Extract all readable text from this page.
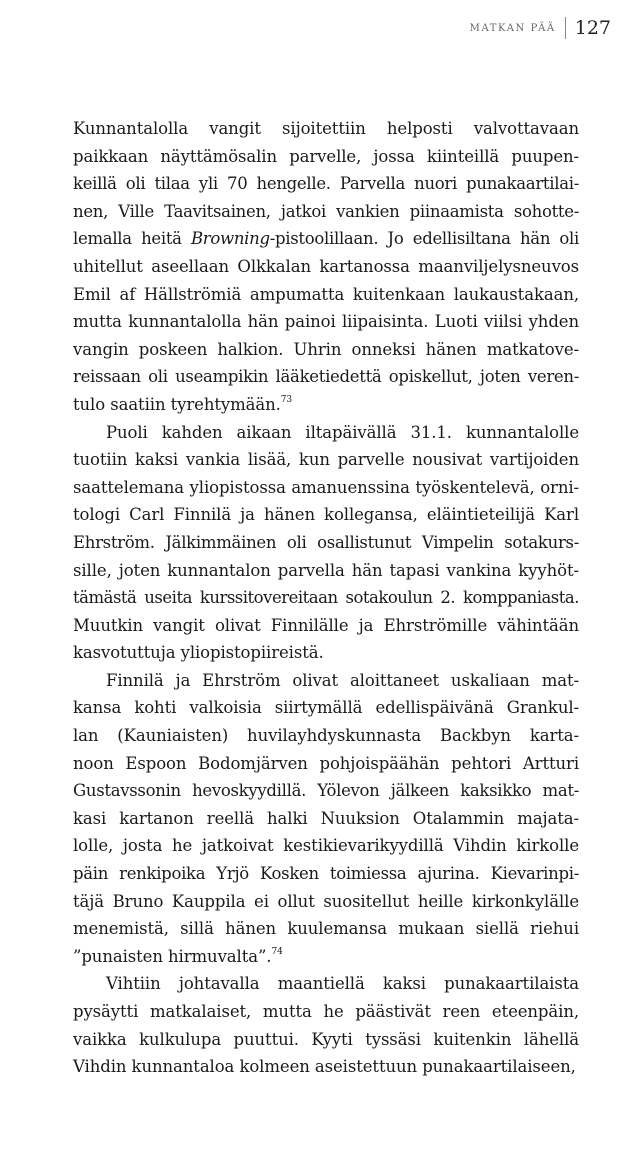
MATKAN PÄÄ 127
Kunnantalolla vangit sijoitettiin helposti valvottavaan
paikkaan näyttämösalin parvelle, jossa kiinteillä puupen-
keillä oli tilaa yli 70 hengelle. Parvella nuori punakaartilai-
nen, Ville Taavitsainen, jatkoi vankien piinaamista sohotte-
lemalla heitä Browning-pistoolillaan. Jo edellisiltana hän oli
uhitellut aseellaan Olkkalan kartanossa maanviljelysneuvos
Emil af Hällströmiä ampumatta kuitenkaan laukaustakaan,
mutta kunnantalolla hän painoi liipaisinta. Luoti viilsi yhden
vangin poskeen halkion. Uhrin onneksi hänen matkatove-
reissaan oli useampikin lääketiedettä opiskellut, joten veren-
tulo saatiin tyrehtymään.$^{73}$
Puoli kahden aikaan iltapäivällä 31.1. kunnantalolle
tuotiin kaksi vankia lisää, kun parvelle nousivat vartijoiden
saattelemana yliopistossa amanuenssina työskentelevä, orni-
tologi Carl Finnilä ja hänen kollegansa, eläintieteilijä Karl
Ehrström. Jälkimmäinen oli osallistunut Vimpelin sotakurs-
sille, joten kunnantalon parvella hän tapasi vankina kyyhöt-
tämästä useita kurssitovereitaan sotakoulun 2. komppaniasta.
Muutkin vangit olivat Finnilälle ja Ehrströmille vähintään
kasvotuttuja yliopistopiireistä.
Finnilä ja Ehrström olivat aloittaneet uskaliaan mat-
kansa kohti valkoisia siirtymällä edellispäivänä Grankul-
lan (Kauniaisten) huvilayhdyskunnasta Backbyn karta-
noon Espoon Bodomjärven pohjoispäähän pehtori Artturi
Gustavssonin hevoskyydillä. Yölevon jälkeen kaksikko mat-
kasi kartanon reellä halki Nuuksion Otalammin majata-
lolle, josta he jatkoivat kestikievarikyydillä Vihdin kirkolle
päin renkipoika Yrjö Kosken toimiessa ajurina. Kievarinpi-
täjä Bruno Kauppila ei ollut suositellut heille kirkonkylälle
menemistä, sillä hänen kuulemansa mukaan siellä riehui
”punaisten hirmuvalta”.$^{74}$
Vihtiin johtavalla maantiellä kaksi punakaartilaista
pysäytti matkalaiset, mutta he päästivät reen eteenpäin,
vaikka kulkulupa puuttui. Kyyti tyssäsi kuitenkin lähellä
Vihdin kunnantaloa kolmeen aseistettuun punakaartilaiseen,
